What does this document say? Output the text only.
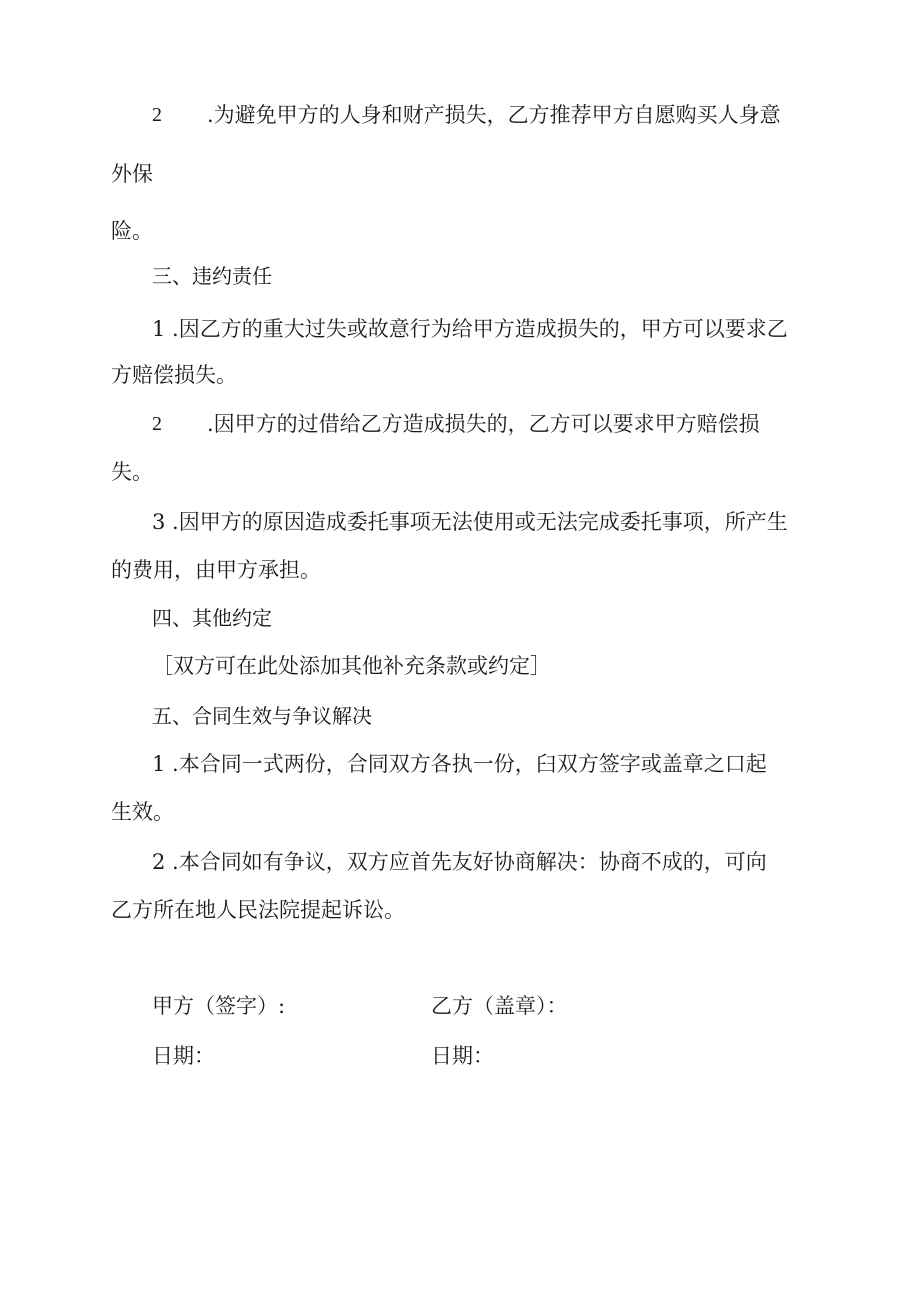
2 .为避免甲方的人身和财产损失，乙方推荐甲方自愿购买人身意
外保
险。
三、违约责任
1 .因乙方的重大过失或故意行为给甲方造成损失的，甲方可以要求乙
方赔偿损失。
2 .因甲方的过借给乙方造成损失的，乙方可以要求甲方赔偿损
失。
3 .因甲方的原因造成委托事项无法使用或无法完成委托事项，所产生
的费用，由甲方承担。
四、其他约定
［双方可在此处添加其他补充条款或约定］
五、合同生效与争议解决
1 .本合同一式两份，合同双方各执一份，臼双方签字或盖章之口起
生效。
2 .本合同如有争议，双方应首先友好协商解决：协商不成的，可向
乙方所在地人民法院提起诉讼。
甲方（签字）:	乙方（盖章）：
日期：	日期：
